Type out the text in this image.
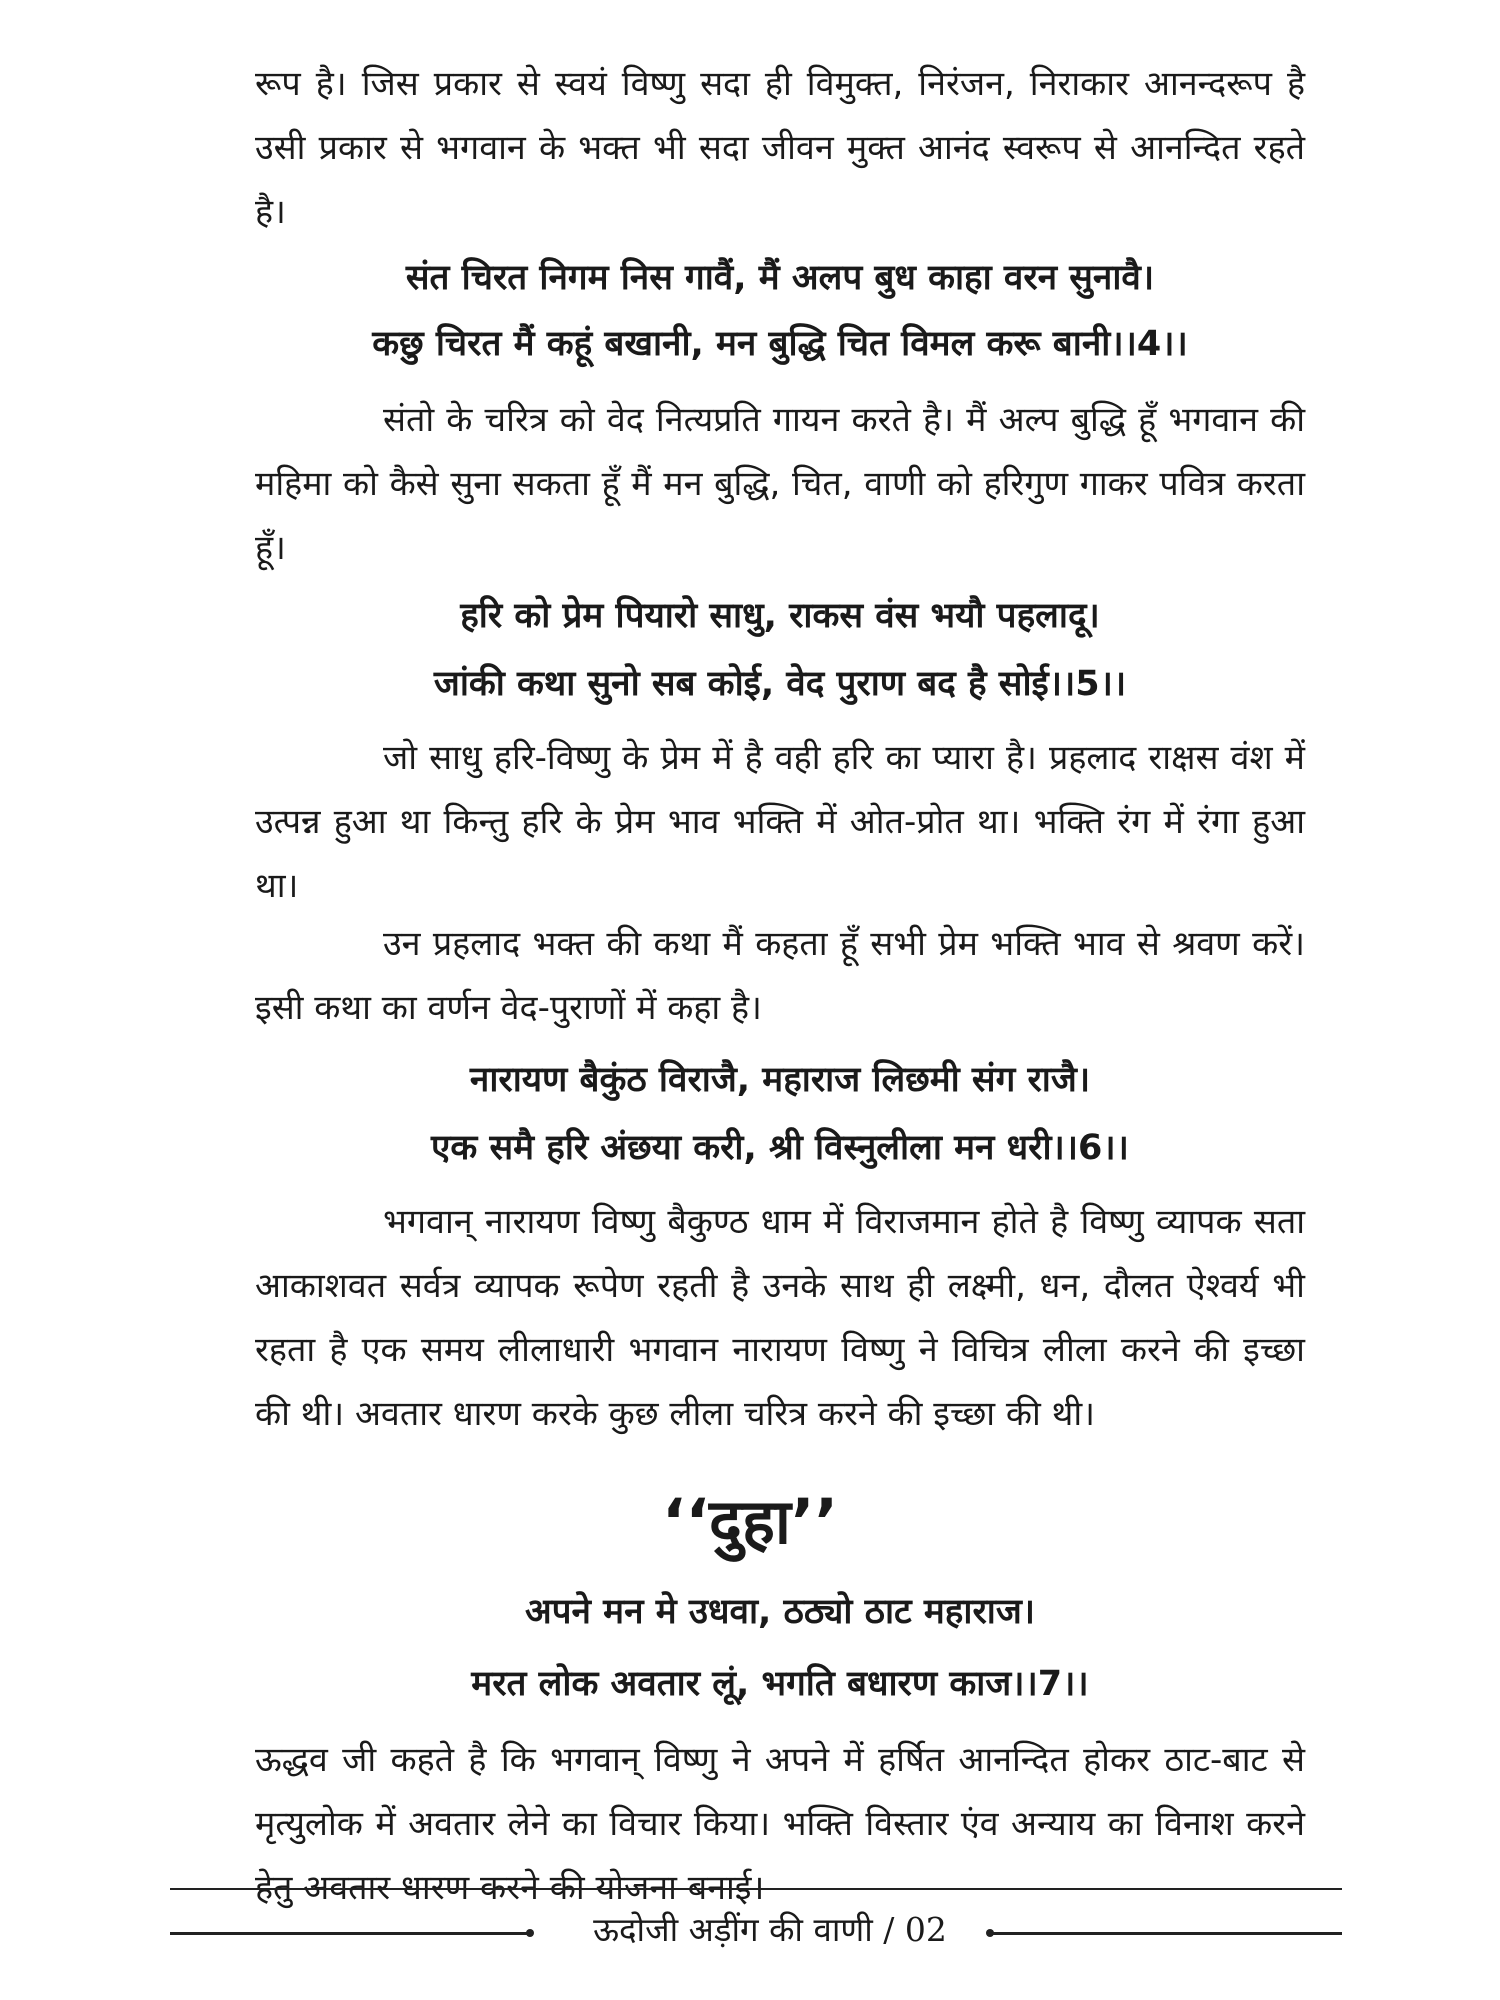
रूप है। जिस प्रकार से स्वयं विष्णु सदा ही विमुक्त, निरंजन, निराकार आनन्दरूप है उसी प्रकार से भगवान के भक्त भी सदा जीवन मुक्त आनंद स्वरूप से आनन्दित रहते है।

संत चिरत निगम निस गावैं, मैं अलप बुध काहा वरन सुनावै।

कछु चिरत मैं कहूं बखानी, मन बुद्धि चित विमल करू बानी।।4।।

संतो के चरित्र को वेद नित्यप्रति गायन करते है। मैं अल्प बुद्धि हूँ भगवान की महिमा को कैसे सुना सकता हूँ मैं मन बुद्धि, चित, वाणी को हरिगुण गाकर पवित्र करता हूँ।

हरि को प्रेम पियारो साधु, राकस वंस भयौ पहलादू।

जांकी कथा सुनो सब कोई, वेद पुराण बद है सोई।।5।।

जो साधु हरि-विष्णु के प्रेम में है वही हरि का प्यारा है। प्रहलाद राक्षस वंश में उत्पन्न हुआ था किन्तु हरि के प्रेम भाव भक्ति में ओत-प्रोत था। भक्ति रंग में रंगा हुआ था।

उन प्रहलाद भक्त की कथा मैं कहता हूँ सभी प्रेम भक्ति भाव से श्रवण करें। इसी कथा का वर्णन वेद-पुराणों में कहा है।

नारायण बैकुंठ विराजै, महाराज लिछमी संग राजै।

एक समै हरि अंछया करी, श्री विस्नुलीला मन धरी।।6।।

भगवान् नारायण विष्णु बैकुण्ठ धाम में विराजमान होते है विष्णु व्यापक सता आकाशवत सर्वत्र व्यापक रूपेण रहती है उनके साथ ही लक्ष्मी, धन, दौलत ऐश्वर्य भी रहता है एक समय लीलाधारी भगवान नारायण विष्णु ने विचित्र लीला करने की इच्छा की थी। अवतार धारण करके कुछ लीला चरित्र करने की इच्छा की थी।

‘‘दुहा’’

अपने मन मे उधवा, ठठ्यो ठाट महाराज।

मरत लोक अवतार लूं, भगति बधारण काज।।7।।

ऊद्धव जी कहते है कि भगवान् विष्णु ने अपने में हर्षित आनन्दित होकर ठाट-बाट से मृत्युलोक में अवतार लेने का विचार किया। भक्ति विस्तार एंव अन्याय का विनाश करने हेतु अवतार धारण करने की योजना बनाई।

ऊदोजी अड़ींग की वाणी / 02
